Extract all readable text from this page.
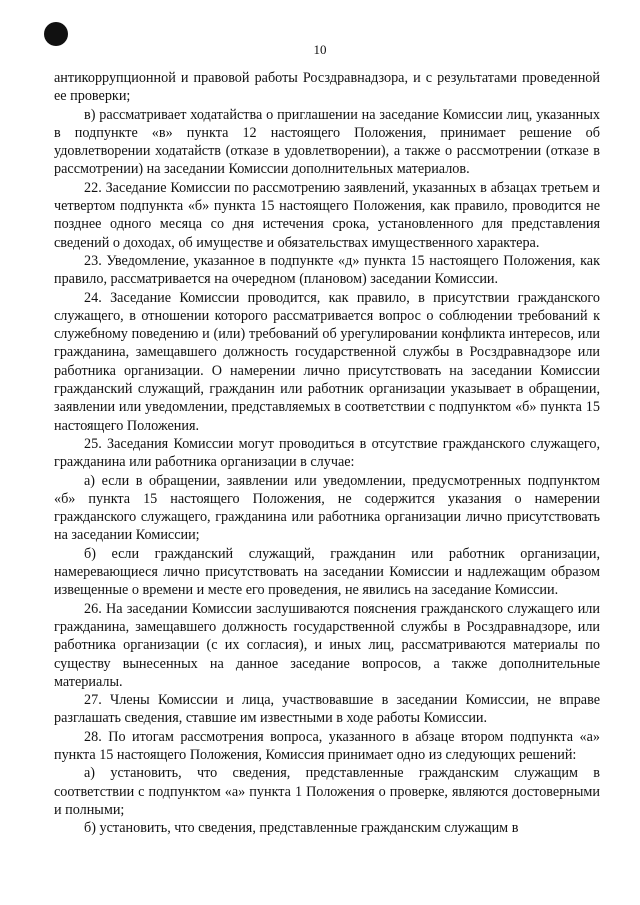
10

антикоррупционной и правовой работы Росздравнадзора, и с результатами проведенной ее проверки;

в) рассматривает ходатайства о приглашении на заседание Комиссии лиц, указанных в подпункте «в» пункта 12 настоящего Положения, принимает решение об удовлетворении ходатайств (отказе в удовлетворении), а также о рассмотрении (отказе в рассмотрении) на заседании Комиссии дополнительных материалов.

22. Заседание Комиссии по рассмотрению заявлений, указанных в абзацах третьем и четвертом подпункта «б» пункта 15 настоящего Положения, как правило, проводится не позднее одного месяца со дня истечения срока, установленного для представления сведений о доходах, об имуществе и обязательствах имущественного характера.

23. Уведомление, указанное в подпункте «д» пункта 15 настоящего Положения, как правило, рассматривается на очередном (плановом) заседании Комиссии.

24. Заседание Комиссии проводится, как правило, в присутствии гражданского служащего, в отношении которого рассматривается вопрос о соблюдении требований к служебному поведению и (или) требований об урегулировании конфликта интересов, или гражданина, замещавшего должность государственной службы в Росздравнадзоре или работника организации. О намерении лично присутствовать на заседании Комиссии гражданский служащий, гражданин или работник организации указывает в обращении, заявлении или уведомлении, представляемых в соответствии с подпунктом «б» пункта 15 настоящего Положения.

25. Заседания Комиссии могут проводиться в отсутствие гражданского служащего, гражданина или работника организации в случае:

а) если в обращении, заявлении или уведомлении, предусмотренных подпунктом «б» пункта 15 настоящего Положения, не содержится указания о намерении гражданского служащего, гражданина или работника организации лично присутствовать на заседании Комиссии;

б) если гражданский служащий, гражданин или работник организации, намеревающиеся лично присутствовать на заседании Комиссии и надлежащим образом извещенные о времени и месте его проведения, не явились на заседание Комиссии.

26. На заседании Комиссии заслушиваются пояснения гражданского служащего или гражданина, замещавшего должность государственной службы в Росздравнадзоре, или работника организации (с их согласия), и иных лиц, рассматриваются материалы по существу вынесенных на данное заседание вопросов, а также дополнительные материалы.

27. Члены Комиссии и лица, участвовавшие в заседании Комиссии, не вправе разглашать сведения, ставшие им известными в ходе работы Комиссии.

28. По итогам рассмотрения вопроса, указанного в абзаце втором подпункта «а» пункта 15 настоящего Положения, Комиссия принимает одно из следующих решений:

а) установить, что сведения, представленные гражданским служащим в соответствии с подпунктом «а» пункта 1 Положения о проверке, являются достоверными и полными;

б) установить, что сведения, представленные гражданским служащим в
